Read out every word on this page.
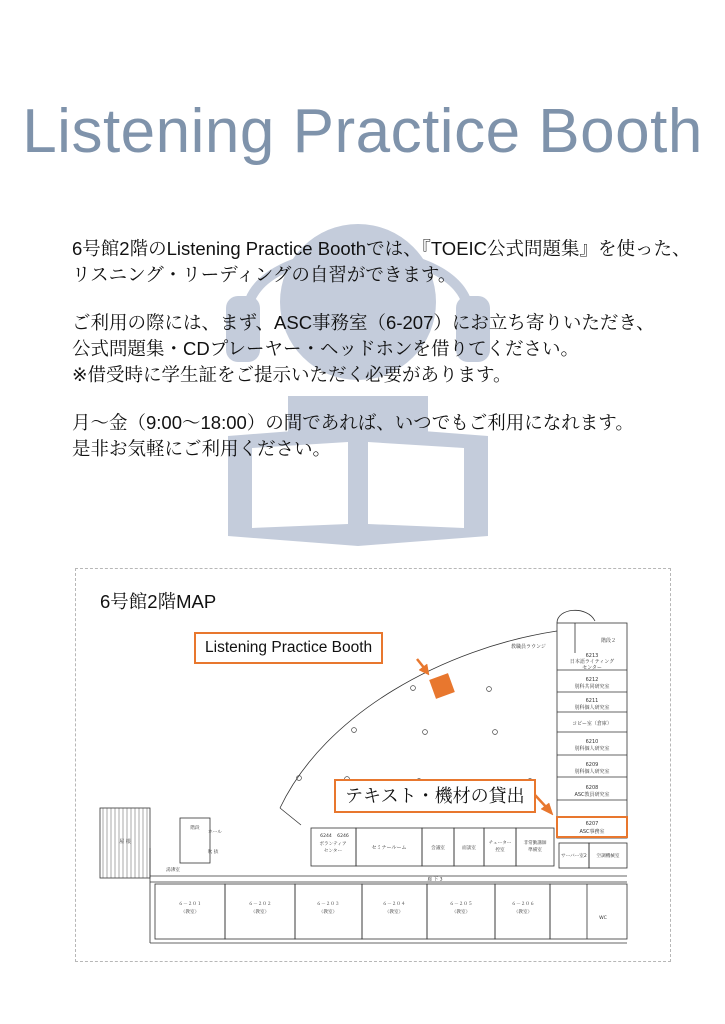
Listening Practice Booth

6号館2階のListening Practice Boothでは、『TOEIC公式問題集』を使った、

リスニング・リーディングの自習ができます。

ご利用の際には、まず、ASC事務室（6-207）にお立ち寄りいただき、

公式問題集・CDプレーヤー・ヘッドホンを借りてください。

※借受時に学生証をご提示いただく必要があります。

月～金（9:00～18:00）の間であれば、いつでもご利用になれます。

是非お気軽にご利用ください。

6号館2階MAP
階段２
教職員ラウンジ
6213
日本語ライティング
センター
6212
別科共同研究室
6211
別科個人研究室
コピー室（倉庫）
6210
別科個人研究室
6209
別科個人研究室
6208
ASC教員研究室
6207
ASC事務室
サーバー室2 空調機械室
6244 6246
ボランティア
センター
セミナールーム	会議室	面談室
チューター
控室
非常勤講師
準備室
廊 下 3
屋 根
階段
吹 抜
ホール
湯沸室
WC
６－２０１
（教室）
６－２０２
（教室）
６－２０３
（教室）
６－２０４
（教室）
６－２０５
（教室）
６－２０６
（教室）
Listening Practice Booth
テキスト・機材の貸出
